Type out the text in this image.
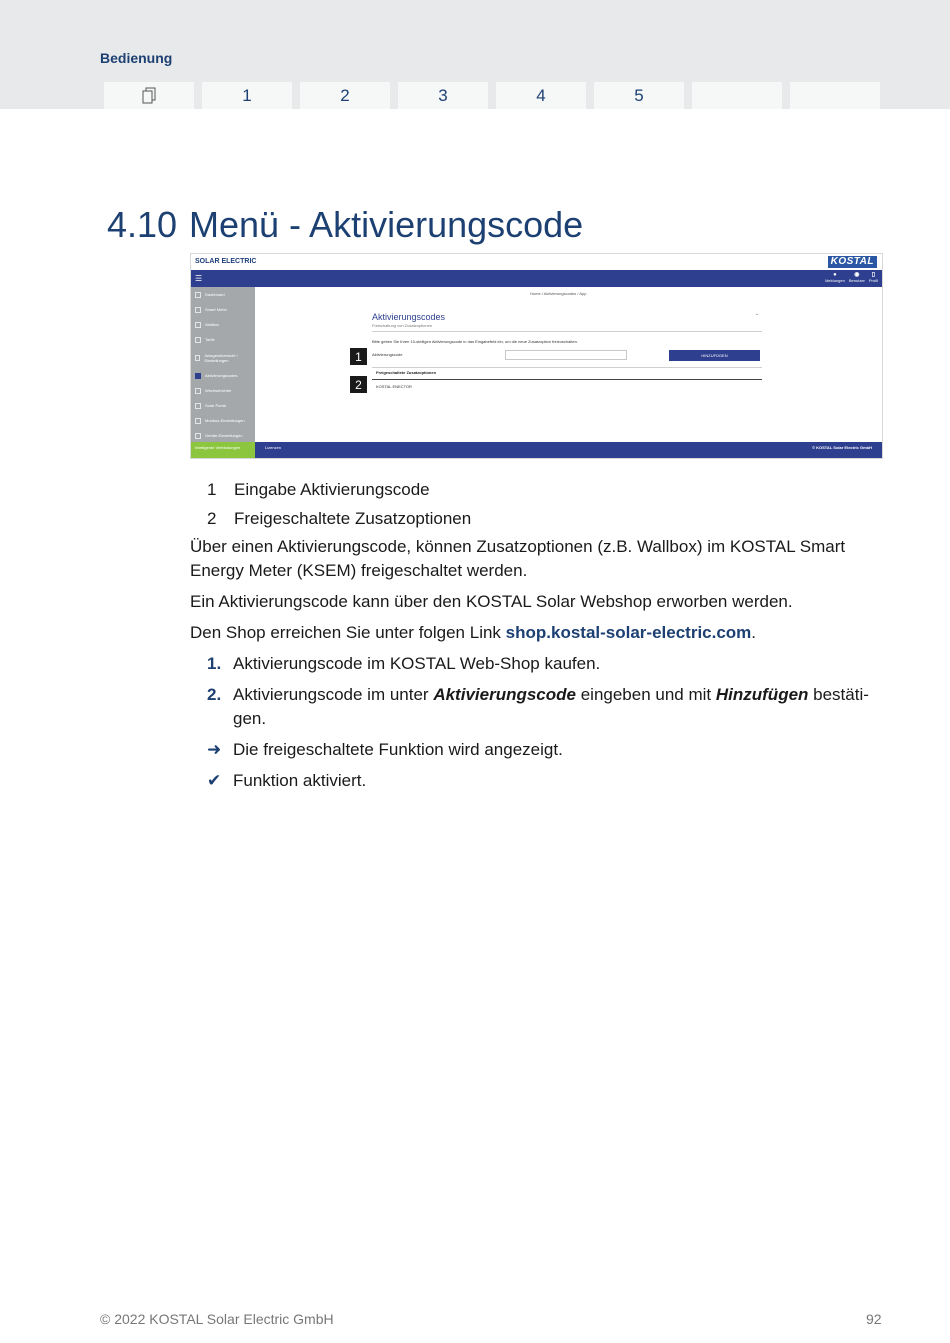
Bedienung
1	2	3	4	5
4.10 Menü - Aktivierungscode
SOLAR ELECTRIC	KOSTAL
☰	●
Meldungen
◉
Benutzer
▯
Profil
Dashboard
Smart Meter
Wallbox
Tarife
Anlagenübersicht / Einstellungen
Aktivierungscodes
Wechselrichter
Solar Portal
Modbus-Einstellungen
Geräte-Einstellungen
Home / Aktivierungscodes / App
Aktivierungscodes
Freischaltung von Zusatzoptionen
⌄
Bitte geben Sie Ihren 10-stelligen Aktivierungscode in das Eingabefeld ein, um die neue Zusatzoption freizuschalten.
Aktivierungscode	HINZUFÜGEN
Freigeschaltete Zusatzoptionen
KOSTAL ENECTOR
1
2
Intelligente Verbindungen	Lizenzen	© KOSTAL Solar Electric GmbH
1	Eingabe Aktivierungscode
2	Freigeschaltete Zusatzoptionen
Über einen Aktivierungscode, können Zusatzoptionen (z.B. Wallbox) im KOSTAL Smart Energy Meter (KSEM) freigeschaltet werden.
Ein Aktivierungscode kann über den KOSTAL Solar Webshop erworben werden.
Den Shop erreichen Sie unter folgen Link shop.kostal-solar-electric.com.
1. Aktivierungscode im KOSTAL Web-Shop kaufen.
2. Aktivierungscode im unter Aktivierungscode eingeben und mit Hinzufügen bestäti-gen.
➜ Die freigeschaltete Funktion wird angezeigt.
✔ Funktion aktiviert.
© 2022 KOSTAL Solar Electric GmbH	92
